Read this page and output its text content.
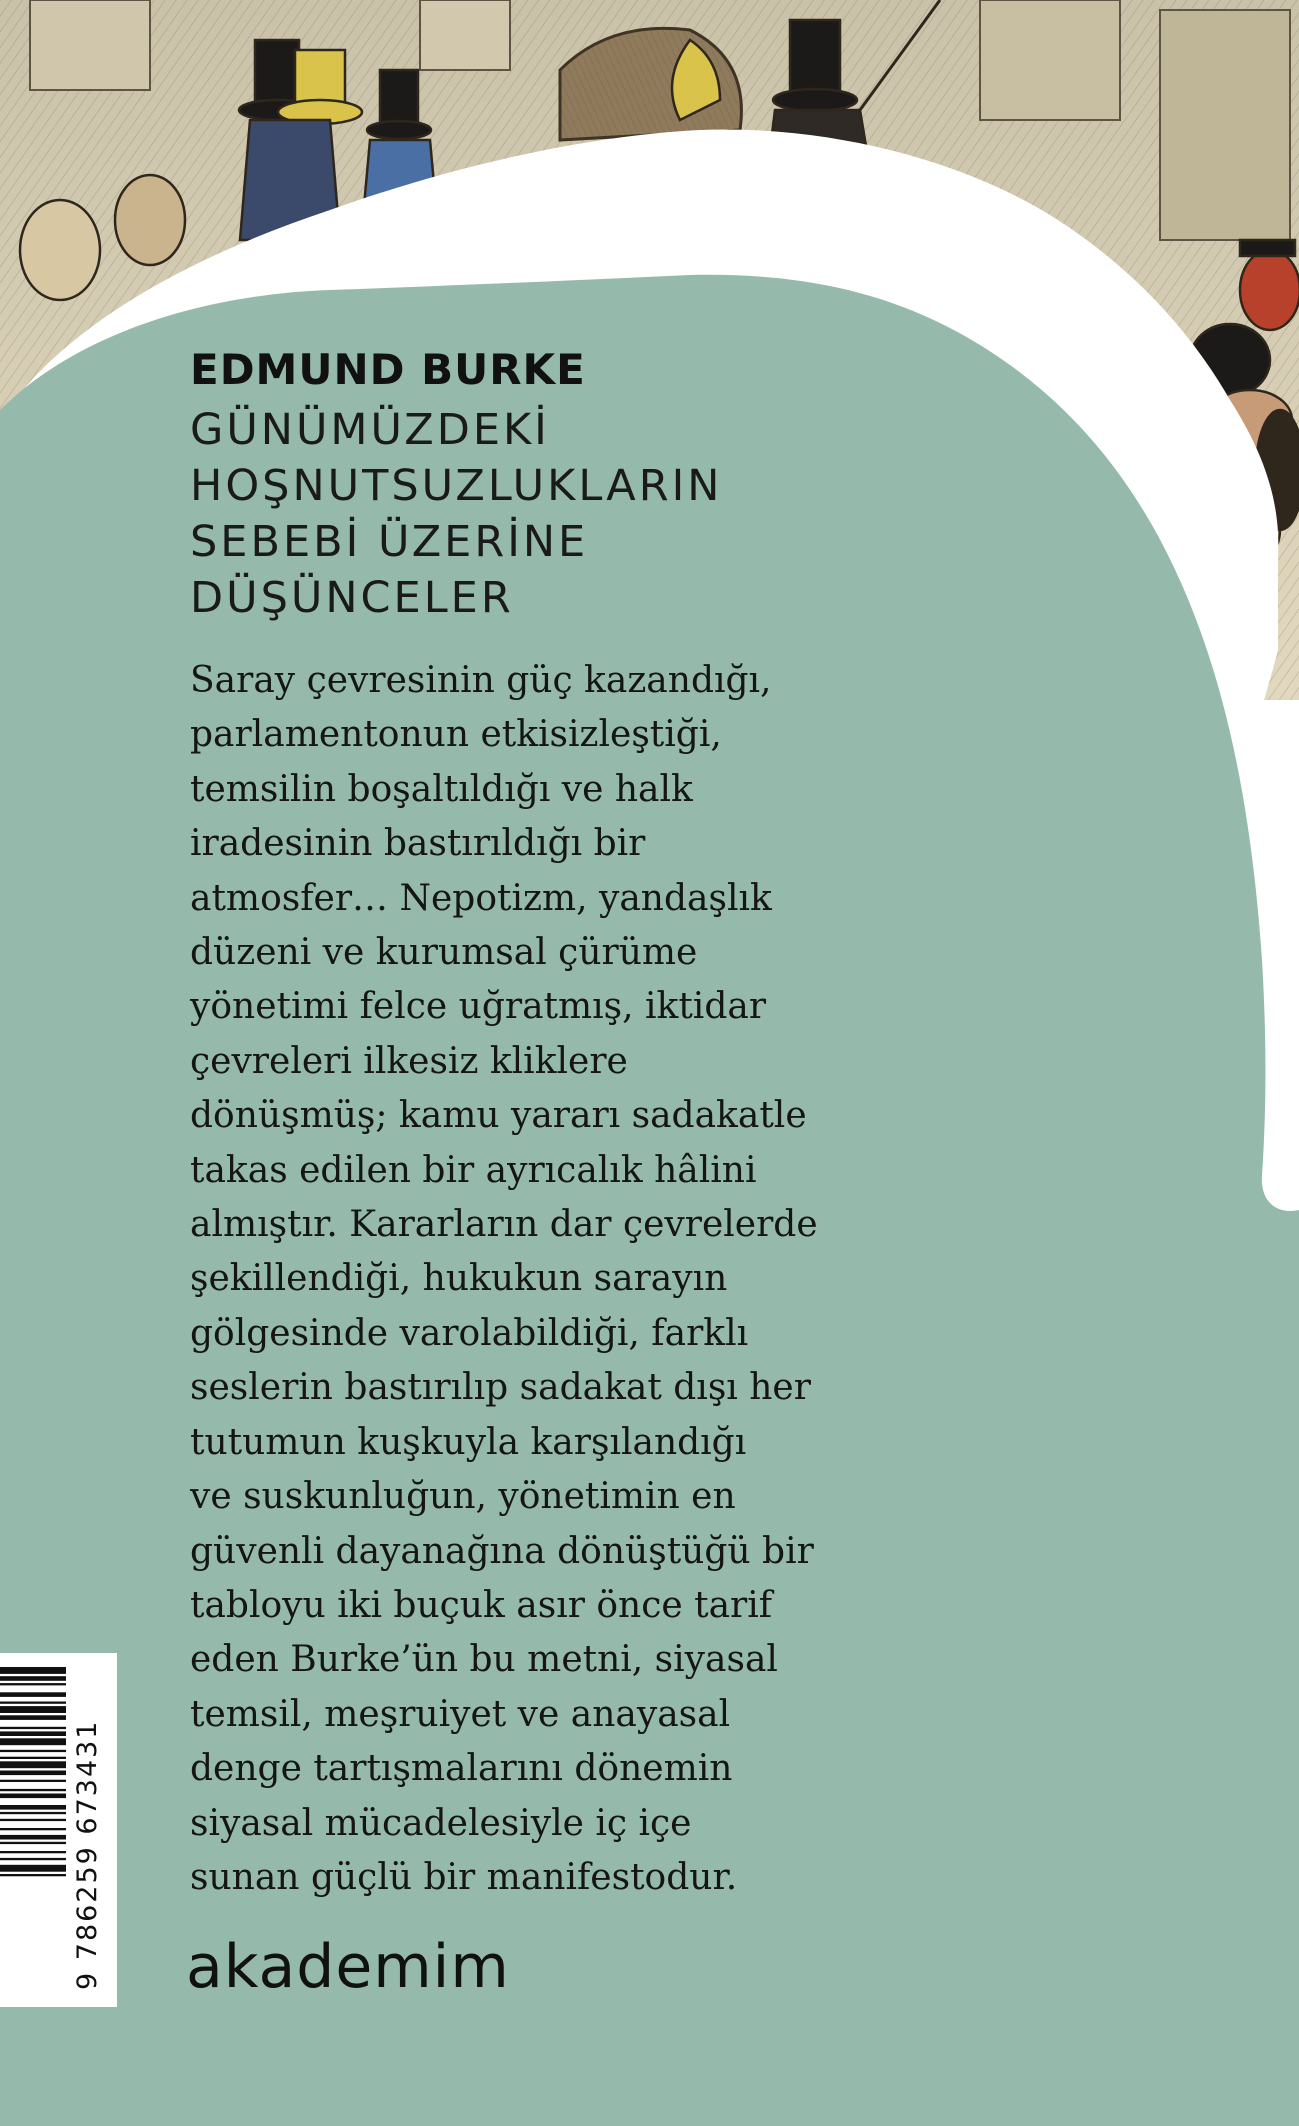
EDMUND BURKE
GÜNÜMÜZDEKİ
HOŞNUTSUZLUKLARIN
SEBEBİ ÜZERİNE
DÜŞÜNCELER
Saray çevresinin güç kazandığı,
parlamentonun etkisizleştiği,
temsilin boşaltıldığı ve halk
iradesinin bastırıldığı bir
atmosfer… Nepotizm, yandaşlık
düzeni ve kurumsal çürüme
yönetimi felce uğratmış, iktidar
çevreleri ilkesiz kliklere
dönüşmüş; kamu yararı sadakatle
takas edilen bir ayrıcalık hâlini
almıştır. Kararların dar çevrelerde
şekillendiği, hukukun sarayın
gölgesinde varolabildiği, farklı
seslerin bastırılıp sadakat dışı her
tutumun kuşkuyla karşılandığı
ve suskunluğun, yönetimin en
güvenli dayanağına dönüştüğü bir
tabloyu iki buçuk asır önce tarif
eden Burke’ün bu metni, siyasal
temsil, meşruiyet ve anayasal
denge tartışmalarını dönemin
siyasal mücadelesiyle iç içe
sunan güçlü bir manifestodur.
9 786259 673431 akademim
